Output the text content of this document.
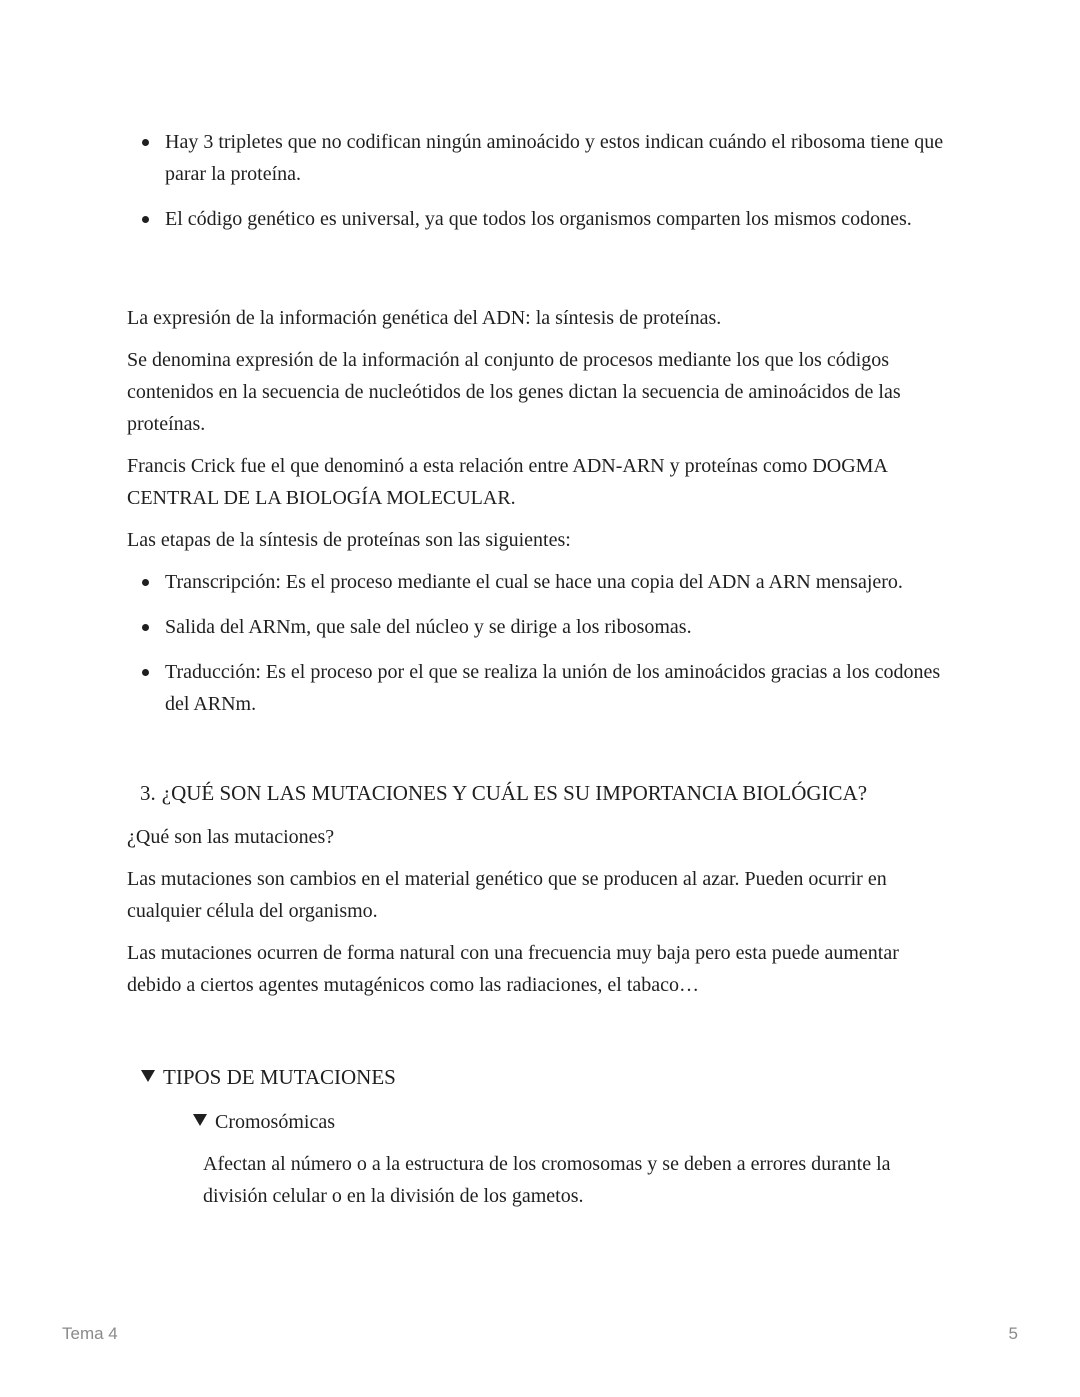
Hay 3 tripletes que no codifican ningún aminoácido y estos indican cuándo el ribosoma tiene que parar la proteína.
El código genético es universal, ya que todos los organismos comparten los mismos codones.

La expresión de la información genética del ADN: la síntesis de proteínas.

Se denomina expresión de la información al conjunto de procesos mediante los que los códigos contenidos en la secuencia de nucleótidos de los genes dictan la secuencia de aminoácidos de las proteínas.

Francis Crick fue el que denominó a esta relación entre ADN-ARN y proteínas como DOGMA CENTRAL DE LA BIOLOGÍA MOLECULAR.

Las etapas de la síntesis de proteínas son las siguientes:

Transcripción: Es el proceso mediante el cual se hace una copia del ADN a ARN mensajero.
Salida del ARNm, que sale del núcleo y se dirige a los ribosomas.
Traducción: Es el proceso por el que se realiza la unión de los aminoácidos gracias a los codones del ARNm.
3. ¿QUÉ SON LAS MUTACIONES Y CUÁL ES SU IMPORTANCIA BIOLÓGICA?

¿Qué son las mutaciones?

Las mutaciones son cambios en el material genético que se producen al azar. Pueden ocurrir en cualquier célula del organismo.

Las mutaciones ocurren de forma natural con una frecuencia muy baja pero esta puede aumentar debido a ciertos agentes mutagénicos como las radiaciones, el tabaco…

TIPOS DE MUTACIONES
Cromosómicas

Afectan al número o a la estructura de los cromosomas y se deben a errores durante la división celular o en la división de los gametos.

Tema 4	5
